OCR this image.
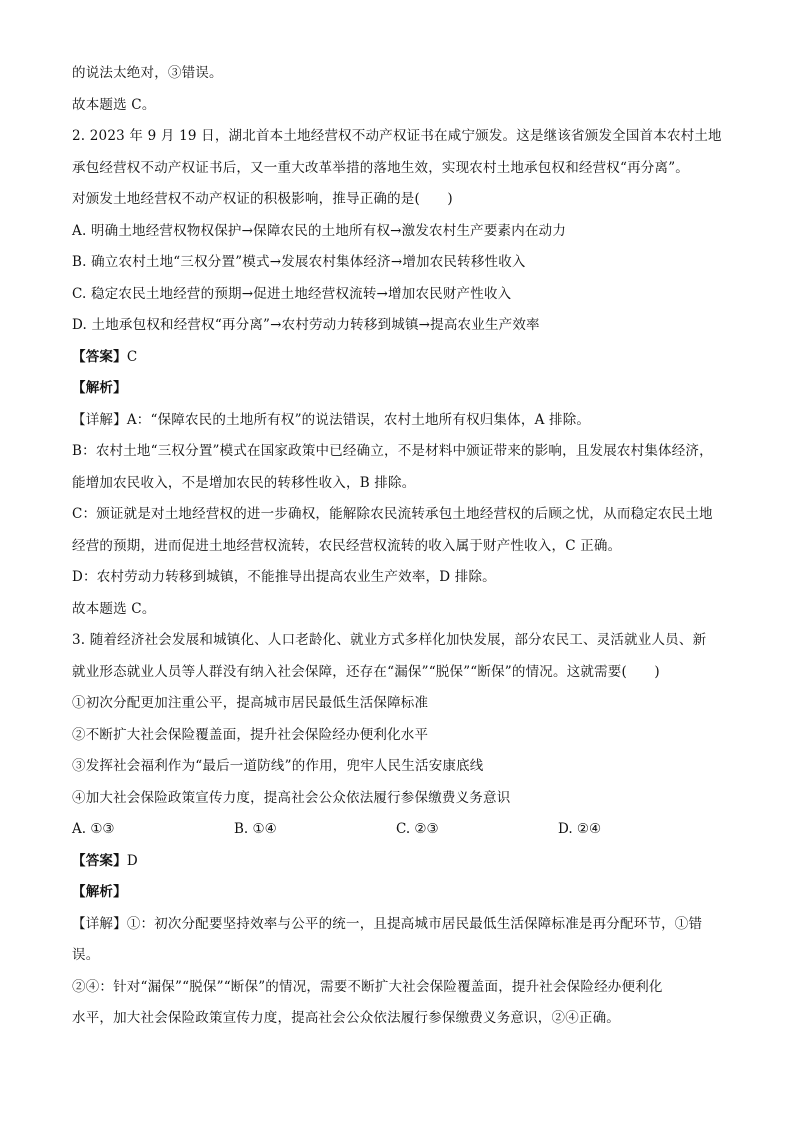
的说法太绝对，③错误。
故本题选 C。
2. 2023 年 9 月 19 日，湖北首本土地经营权不动产权证书在咸宁颁发。这是继该省颁发全国首本农村土地
承包经营权不动产权证书后，又一重大改革举措的落地生效，实现农村土地承包权和经营权“再分离”。
对颁发土地经营权不动产权证的积极影响，推导正确的是(　　)
A. 明确土地经营权物权保护→保障农民的土地所有权→激发农村生产要素内在动力
B. 确立农村土地“三权分置”模式→发展农村集体经济→增加农民转移性收入
C. 稳定农民土地经营的预期→促进土地经营权流转→增加农民财产性收入
D. 土地承包权和经营权“再分离”→农村劳动力转移到城镇→提高农业生产效率
【答案】C
【解析】
【详解】A：“保障农民的土地所有权”的说法错误，农村土地所有权归集体，A 排除。
B：农村土地“三权分置”模式在国家政策中已经确立，不是材料中颁证带来的影响，且发展农村集体经济，
能增加农民收入，不是增加农民的转移性收入，B 排除。
C：颁证就是对土地经营权的进一步确权，能解除农民流转承包土地经营权的后顾之忧，从而稳定农民土地
经营的预期，进而促进土地经营权流转，农民经营权流转的收入属于财产性收入，C 正确。
D：农村劳动力转移到城镇，不能推导出提高农业生产效率，D 排除。
故本题选 C。
3. 随着经济社会发展和城镇化、人口老龄化、就业方式多样化加快发展，部分农民工、灵活就业人员、新
就业形态就业人员等人群没有纳入社会保障，还存在“漏保”“脱保”“断保”的情况。这就需要(　　)
①初次分配更加注重公平，提高城市居民最低生活保障标准
②不断扩大社会保险覆盖面，提升社会保险经办便利化水平
③发挥社会福利作为“最后一道防线”的作用，兜牢人民生活安康底线
④加大社会保险政策宣传力度，提高社会公众依法履行参保缴费义务意识
A. ①③	B. ①④	C. ②③	D. ②④
【答案】D
【解析】
【详解】①：初次分配要坚持效率与公平的统一，且提高城市居民最低生活保障标准是再分配环节，①错
误。
②④：针对“漏保”“脱保”“断保”的情况，需要不断扩大社会保险覆盖面，提升社会保险经办便利化
水平，加大社会保险政策宣传力度，提高社会公众依法履行参保缴费义务意识，②④正确。
